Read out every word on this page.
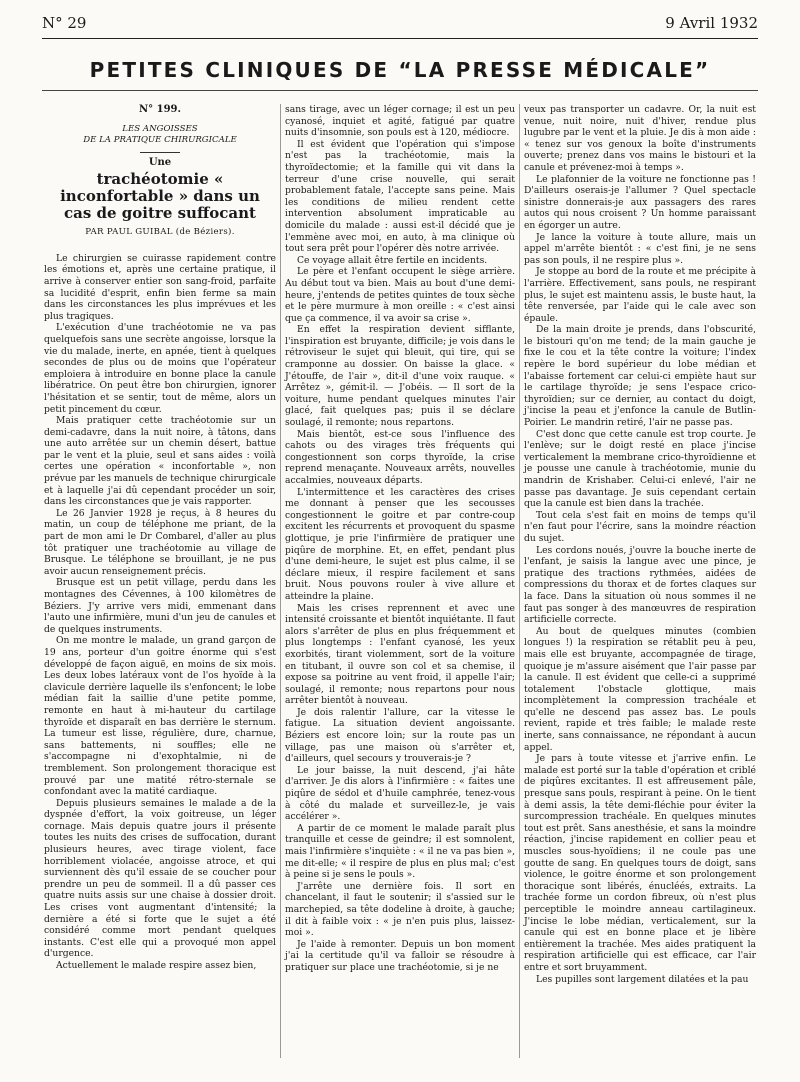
N° 29	9 Avril 1932
PETITES CLINIQUES DE “LA PRESSE MÉDICALE”
N° 199.
LES ANGOISSES
DE LA PRATIQUE CHIRURGICALE
Une
trachéotomie « inconfortable » dans un cas de goitre suffocant
PAR PAUL GUIBAL (de Béziers).

Le chirurgien se cuirasse rapidement contre les émotions et, après une certaine pratique, il arrive à conserver entier son sang-froid, parfaite sa lucidité d'esprit, enfin bien ferme sa main dans les circonstances les plus imprévues et les plus tragiques.

L'exécution d'une trachéotomie ne va pas quelquefois sans une secrète angoisse, lorsque la vie du malade, inerte, en apnée, tient à quelques secondes de plus ou de moins que l'opérateur emploiera à introduire en bonne place la canule libératrice. On peut être bon chirurgien, ignorer l'hésitation et se sentir, tout de même, alors un petit pincement du cœur.

Mais pratiquer cette trachéotomie sur un demi-cadavre, dans la nuit noire, à tâtons, dans une auto arrêtée sur un chemin désert, battue par le vent et la pluie, seul et sans aides : voilà certes une opération « inconfortable », non prévue par les manuels de technique chirurgicale et à laquelle j'ai dû cependant procéder un soir, dans les circonstances que je vais rapporter.

Le 26 Janvier 1928 je reçus, à 8 heures du matin, un coup de téléphone me priant, de la part de mon ami le Dr Combarel, d'aller au plus tôt pratiquer une trachéotomie au village de Brusque. Le téléphone se brouillant, je ne pus avoir aucun renseignement précis.

Brusque est un petit village, perdu dans les montagnes des Cévennes, à 100 kilomètres de Béziers. J'y arrive vers midi, emmenant dans l'auto une infirmière, muni d'un jeu de canules et de quelques instruments.

On me montre le malade, un grand garçon de 19 ans, porteur d'un goitre énorme qui s'est développé de façon aiguë, en moins de six mois. Les deux lobes latéraux vont de l'os hyoïde à la clavicule derrière laquelle ils s'enfoncent; le lobe médian fait la saillie d'une petite pomme, remonte en haut à mi-hauteur du cartilage thyroïde et disparaît en bas derrière le sternum. La tumeur est lisse, régulière, dure, charnue, sans battements, ni souffles; elle ne s'accompagne ni d'exophtalmie, ni de tremblement. Son prolongement thoracique est prouvé par une matité rétro-sternale se confondant avec la matité cardiaque.

Depuis plusieurs semaines le malade a de la dyspnée d'effort, la voix goitreuse, un léger cornage. Mais depuis quatre jours il présente toutes les nuits des crises de suffocation, durant plusieurs heures, avec tirage violent, face horriblement violacée, angoisse atroce, et qui surviennent dès qu'il essaie de se coucher pour prendre un peu de sommeil. Il a dû passer ces quatre nuits assis sur une chaise à dossier droit. Les crises vont augmentant d'intensité; la dernière a été si forte que le sujet a été considéré comme mort pendant quelques instants. C'est elle qui a provoqué mon appel d'urgence.

Actuellement le malade respire assez bien,

sans tirage, avec un léger cornage; il est un peu cyanosé, inquiet et agité, fatigué par quatre nuits d'insomnie, son pouls est à 120, médiocre.

Il est évident que l'opération qui s'impose n'est pas la trachéotomie, mais la thyroïdectomie; et la famille qui vit dans la terreur d'une crise nouvelle, qui serait probablement fatale, l'accepte sans peine. Mais les conditions de milieu rendent cette intervention absolument impraticable au domicile du malade : aussi est-il décidé que je l'emmène avec moi, en auto, à ma clinique où tout sera prêt pour l'opérer dès notre arrivée.

Ce voyage allait être fertile en incidents.

Le père et l'enfant occupent le siège arrière. Au début tout va bien. Mais au bout d'une demi-heure, j'entends de petites quintes de toux sèche et le père murmure à mon oreille : « c'est ainsi que ça commence, il va avoir sa crise ».

En effet la respiration devient sifflante, l'inspiration est bruyante, difficile; je vois dans le rétroviseur le sujet qui bleuit, qui tire, qui se cramponne au dossier. On baisse la glace. « J'étouffe, de l'air », dit-il d'une voix rauque. « Arrêtez », gémit-il. — J'obéis. — Il sort de la voiture, hume pendant quelques minutes l'air glacé, fait quelques pas; puis il se déclare soulagé, il remonte; nous repartons.

Mais bientôt, est-ce sous l'influence des cahots ou des virages très fréquents qui congestionnent son corps thyroïde, la crise reprend menaçante. Nouveaux arrêts, nouvelles accalmies, nouveaux départs.

L'intermittence et les caractères des crises me donnant à penser que les secousses congestionnent le goitre et par contre-coup excitent les récurrents et provoquent du spasme glottique, je prie l'infirmière de pratiquer une piqûre de morphine. Et, en effet, pendant plus d'une demi-heure, le sujet est plus calme, il se déclare mieux, il respire facilement et sans bruit. Nous pouvons rouler à vive allure et atteindre la plaine.

Mais les crises reprennent et avec une intensité croissante et bientôt inquiétante. Il faut alors s'arrêter de plus en plus fréquemment et plus longtemps : l'enfant cyanosé, les yeux exorbités, tirant violemment, sort de la voiture en titubant, il ouvre son col et sa chemise, il expose sa poitrine au vent froid, il appelle l'air; soulagé, il remonte; nous repartons pour nous arrêter bientôt à nouveau.

Je dois ralentir l'allure, car la vitesse le fatigue. La situation devient angoissante. Béziers est encore loin; sur la route pas un village, pas une maison où s'arrêter et, d'ailleurs, quel secours y trouverais-je ?

Le jour baisse, la nuit descend, j'ai hâte d'arriver. Je dis alors à l'infirmière : « faites une piqûre de sédol et d'huile camphrée, tenez-vous à côté du malade et surveillez-le, je vais accélérer ».

A partir de ce moment le malade paraît plus tranquille et cesse de geindre; il est somnolent, mais l'infirmière s'inquiète : « il ne va pas bien », me dit-elle; « il respire de plus en plus mal; c'est à peine si je sens le pouls ».

J'arrête une dernière fois. Il sort en chancelant, il faut le soutenir; il s'assied sur le marchepied, sa tête dodeline à droite, à gauche; il dit à faible voix : « je n'en puis plus, laissez-moi ».

Je l'aide à remonter. Depuis un bon moment j'ai la certitude qu'il va falloir se résoudre à pratiquer sur place une trachéotomie, si je ne

veux pas transporter un cadavre. Or, la nuit est venue, nuit noire, nuit d'hiver, rendue plus lugubre par le vent et la pluie. Je dis à mon aide : « tenez sur vos genoux la boîte d'instruments ouverte; prenez dans vos mains le bistouri et la canule et prévenez-moi à temps ».

Le plafonnier de la voiture ne fonctionne pas ! D'ailleurs oserais-je l'allumer ? Quel spectacle sinistre donnerais-je aux passagers des rares autos qui nous croisent ? Un homme paraissant en égorger un autre.

Je lance la voiture à toute allure, mais un appel m'arrête bientôt : « c'est fini, je ne sens pas son pouls, il ne respire plus ».

Je stoppe au bord de la route et me précipite à l'arrière. Effectivement, sans pouls, ne respirant plus, le sujet est maintenu assis, le buste haut, la tête renversée, par l'aide qui le cale avec son épaule.

De la main droite je prends, dans l'obscurité, le bistouri qu'on me tend; de la main gauche je fixe le cou et la tête contre la voiture; l'index repère le bord supérieur du lobe médian et l'abaisse fortement car celui-ci empiète haut sur le cartilage thyroïde; je sens l'espace crico-thyroïdien; sur ce dernier, au contact du doigt, j'incise la peau et j'enfonce la canule de Butlin-Poirier. Le mandrin retiré, l'air ne passe pas.

C'est donc que cette canule est trop courte. Je l'enlève; sur le doigt resté en place j'incise verticalement la membrane crico-thyroïdienne et je pousse une canule à trachéotomie, munie du mandrin de Krishaber. Celui-ci enlevé, l'air ne passe pas davantage. Je suis cependant certain que la canule est bien dans la trachée.

Tout cela s'est fait en moins de temps qu'il n'en faut pour l'écrire, sans la moindre réaction du sujet.

Les cordons noués, j'ouvre la bouche inerte de l'enfant, je saisis la langue avec une pince, je pratique des tractions rythmées, aidées de compressions du thorax et de fortes claques sur la face. Dans la situation où nous sommes il ne faut pas songer à des manœuvres de respiration artificielle correcte.

Au bout de quelques minutes (combien longues !) la respiration se rétablit peu à peu, mais elle est bruyante, accompagnée de tirage, quoique je m'assure aisément que l'air passe par la canule. Il est évident que celle-ci a supprimé totalement l'obstacle glottique, mais incomplètement la compression trachéale et qu'elle ne descend pas assez bas. Le pouls revient, rapide et très faible; le malade reste inerte, sans connaissance, ne répondant à aucun appel.

Je pars à toute vitesse et j'arrive enfin. Le malade est porté sur la table d'opération et criblé de piqûres excitantes. Il est affreusement pâle, presque sans pouls, respirant à peine. On le tient à demi assis, la tête demi-fléchie pour éviter la surcompression trachéale. En quelques minutes tout est prêt. Sans anesthésie, et sans la moindre réaction, j'incise rapidement en collier peau et muscles sous-hyoïdiens; il ne coule pas une goutte de sang. En quelques tours de doigt, sans violence, le goitre énorme et son prolongement thoracique sont libérés, énucléés, extraits. La trachée forme un cordon fibreux, où n'est plus perceptible le moindre anneau cartilagineux. J'incise le lobe médian, verticalement, sur la canule qui est en bonne place et je libère entièrement la trachée. Mes aides pratiquent la respiration artificielle qui est efficace, car l'air entre et sort bruyamment.

Les pupilles sont largement dilatées et la pau
